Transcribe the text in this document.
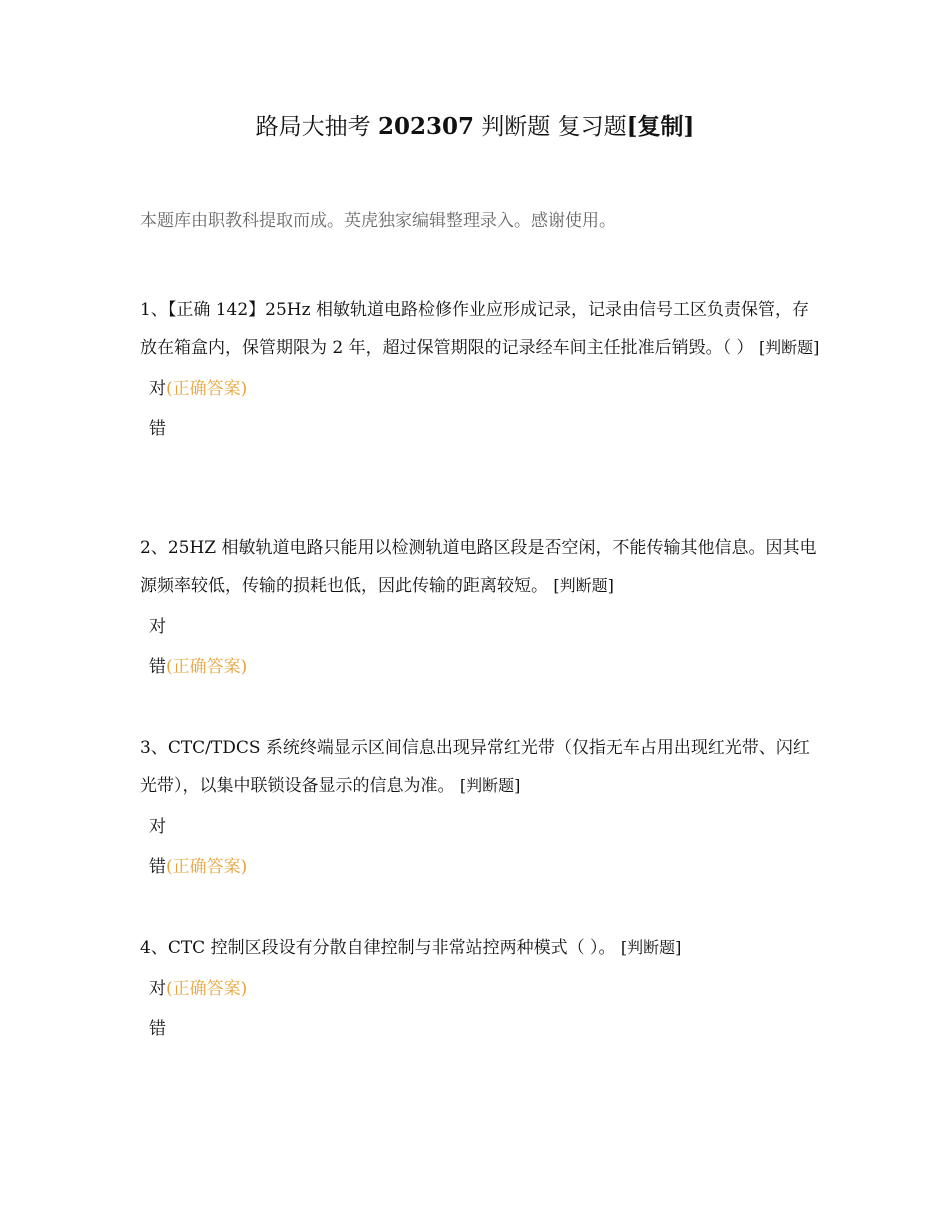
路局大抽考 202307 判断题 复习题[复制]
本题库由职教科提取而成。英虎独家编辑整理录入。感谢使用。

1、【正确 142】25Hz 相敏轨道电路检修作业应形成记录，记录由信号工区负责保管，存放在箱盒内，保管期限为 2 年，超过保管期限的记录经车间主任批准后销毁。（ ） [判断题]

对(正确答案)
错

2、25HZ 相敏轨道电路只能用以检测轨道电路区段是否空闲，不能传输其他信息。因其电源频率较低，传输的损耗也低，因此传输的距离较短。 [判断题]

对
错(正确答案)

3、CTC/TDCS 系统终端显示区间信息出现异常红光带（仅指无车占用出现红光带、闪红光带），以集中联锁设备显示的信息为准。 [判断题]

对
错(正确答案)

4、CTC 控制区段设有分散自律控制与非常站控两种模式（ ）。 [判断题]

对(正确答案)
错
